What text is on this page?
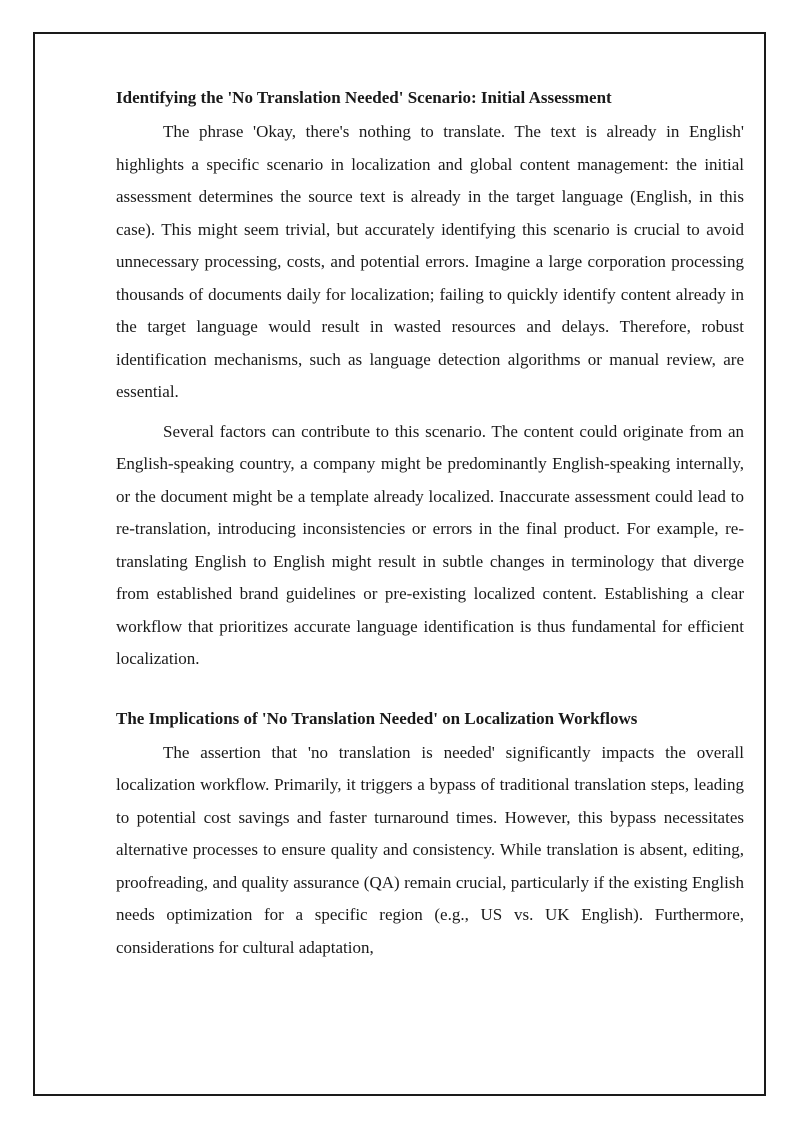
Identifying the 'No Translation Needed' Scenario: Initial Assessment

The phrase 'Okay, there's nothing to translate. The text is already in English' highlights a specific scenario in localization and global content management: the initial assessment determines the source text is already in the target language (English, in this case). This might seem trivial, but accurately identifying this scenario is crucial to avoid unnecessary processing, costs, and potential errors. Imagine a large corporation processing thousands of documents daily for localization; failing to quickly identify content already in the target language would result in wasted resources and delays. Therefore, robust identification mechanisms, such as language detection algorithms or manual review, are essential.

Several factors can contribute to this scenario. The content could originate from an English-speaking country, a company might be predominantly English-speaking internally, or the document might be a template already localized. Inaccurate assessment could lead to re-translation, introducing inconsistencies or errors in the final product. For example, re-translating English to English might result in subtle changes in terminology that diverge from established brand guidelines or pre-existing localized content. Establishing a clear workflow that prioritizes accurate language identification is thus fundamental for efficient localization.

The Implications of 'No Translation Needed' on Localization Workflows

The assertion that 'no translation is needed' significantly impacts the overall localization workflow. Primarily, it triggers a bypass of traditional translation steps, leading to potential cost savings and faster turnaround times. However, this bypass necessitates alternative processes to ensure quality and consistency. While translation is absent, editing, proofreading, and quality assurance (QA) remain crucial, particularly if the existing English needs optimization for a specific region (e.g., US vs. UK English). Furthermore, considerations for cultural adaptation,
